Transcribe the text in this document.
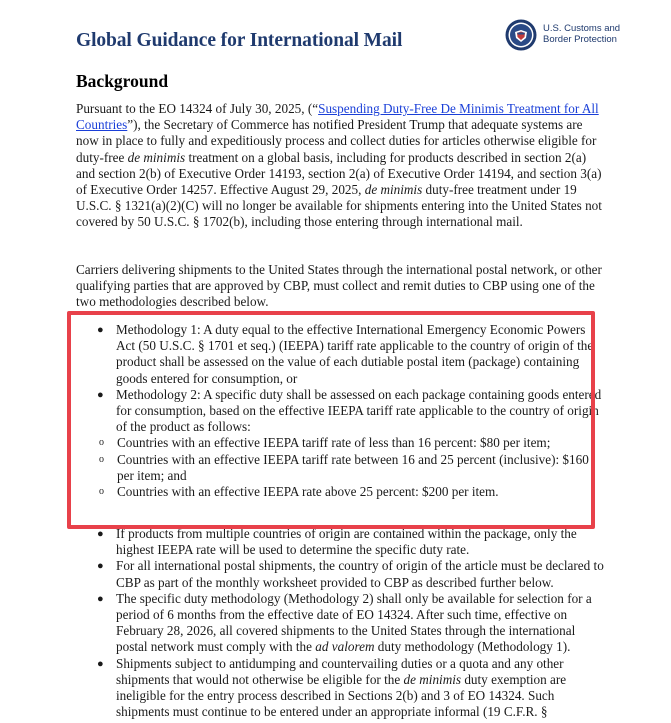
Global Guidance for International Mail
U.S. Customs and
Border Protection
Background

Pursuant to the EO 14324 of July 30, 2025, (“Suspending Duty-Free De Minimis Treatment for All Countries”), the Secretary of Commerce has notified President Trump that adequate systems are now in place to fully and expeditiously process and collect duties for articles otherwise eligible for duty-free de minimis treatment on a global basis, including for products described in section 2(a) and section 2(b) of Executive Order 14193, section 2(a) of Executive Order 14194, and section 3(a) of Executive Order 14257. Effective August 29, 2025, de minimis duty-free treatment under 19 U.S.C. § 1321(a)(2)(C) will no longer be available for shipments entering into the United States not covered by 50 U.S.C. § 1702(b), including those entering through international mail.

Carriers delivering shipments to the United States through the international postal network, or other qualifying parties that are approved by CBP, must collect and remit duties to CBP using one of the two methodologies described below.

● Methodology 1: A duty equal to the effective International Emergency Economic Powers Act (50 U.S.C. § 1701 et seq.) (IEEPA) tariff rate applicable to the country of origin of the product shall be assessed on the value of each dutiable postal item (package) containing goods entered for consumption, or
● Methodology 2: A specific duty shall be assessed on each package containing goods entered for consumption, based on the effective IEEPA tariff rate applicable to the country of origin of the product as follows:
o Countries with an effective IEEPA tariff rate of less than 16 percent: $80 per item;
o Countries with an effective IEEPA tariff rate between 16 and 25 percent (inclusive): $160 per item; and
o Countries with an effective IEEPA rate above 25 percent: $200 per item.
● If products from multiple countries of origin are contained within the package, only the highest IEEPA rate will be used to determine the specific duty rate.
● For all international postal shipments, the country of origin of the article must be declared to CBP as part of the monthly worksheet provided to CBP as described further below.
● The specific duty methodology (Methodology 2) shall only be available for selection for a period of 6 months from the effective date of EO 14324. After such time, effective on February 28, 2026, all covered shipments to the United States through the international postal network must comply with the ad valorem duty methodology (Methodology 1).
● Shipments subject to antidumping and countervailing duties or a quota and any other shipments that would not otherwise be eligible for the de minimis duty exemption are ineligible for the entry process described in Sections 2(b) and 3 of EO 14324. Such shipments must continue to be entered under an appropriate informal (19 C.F.R. §
